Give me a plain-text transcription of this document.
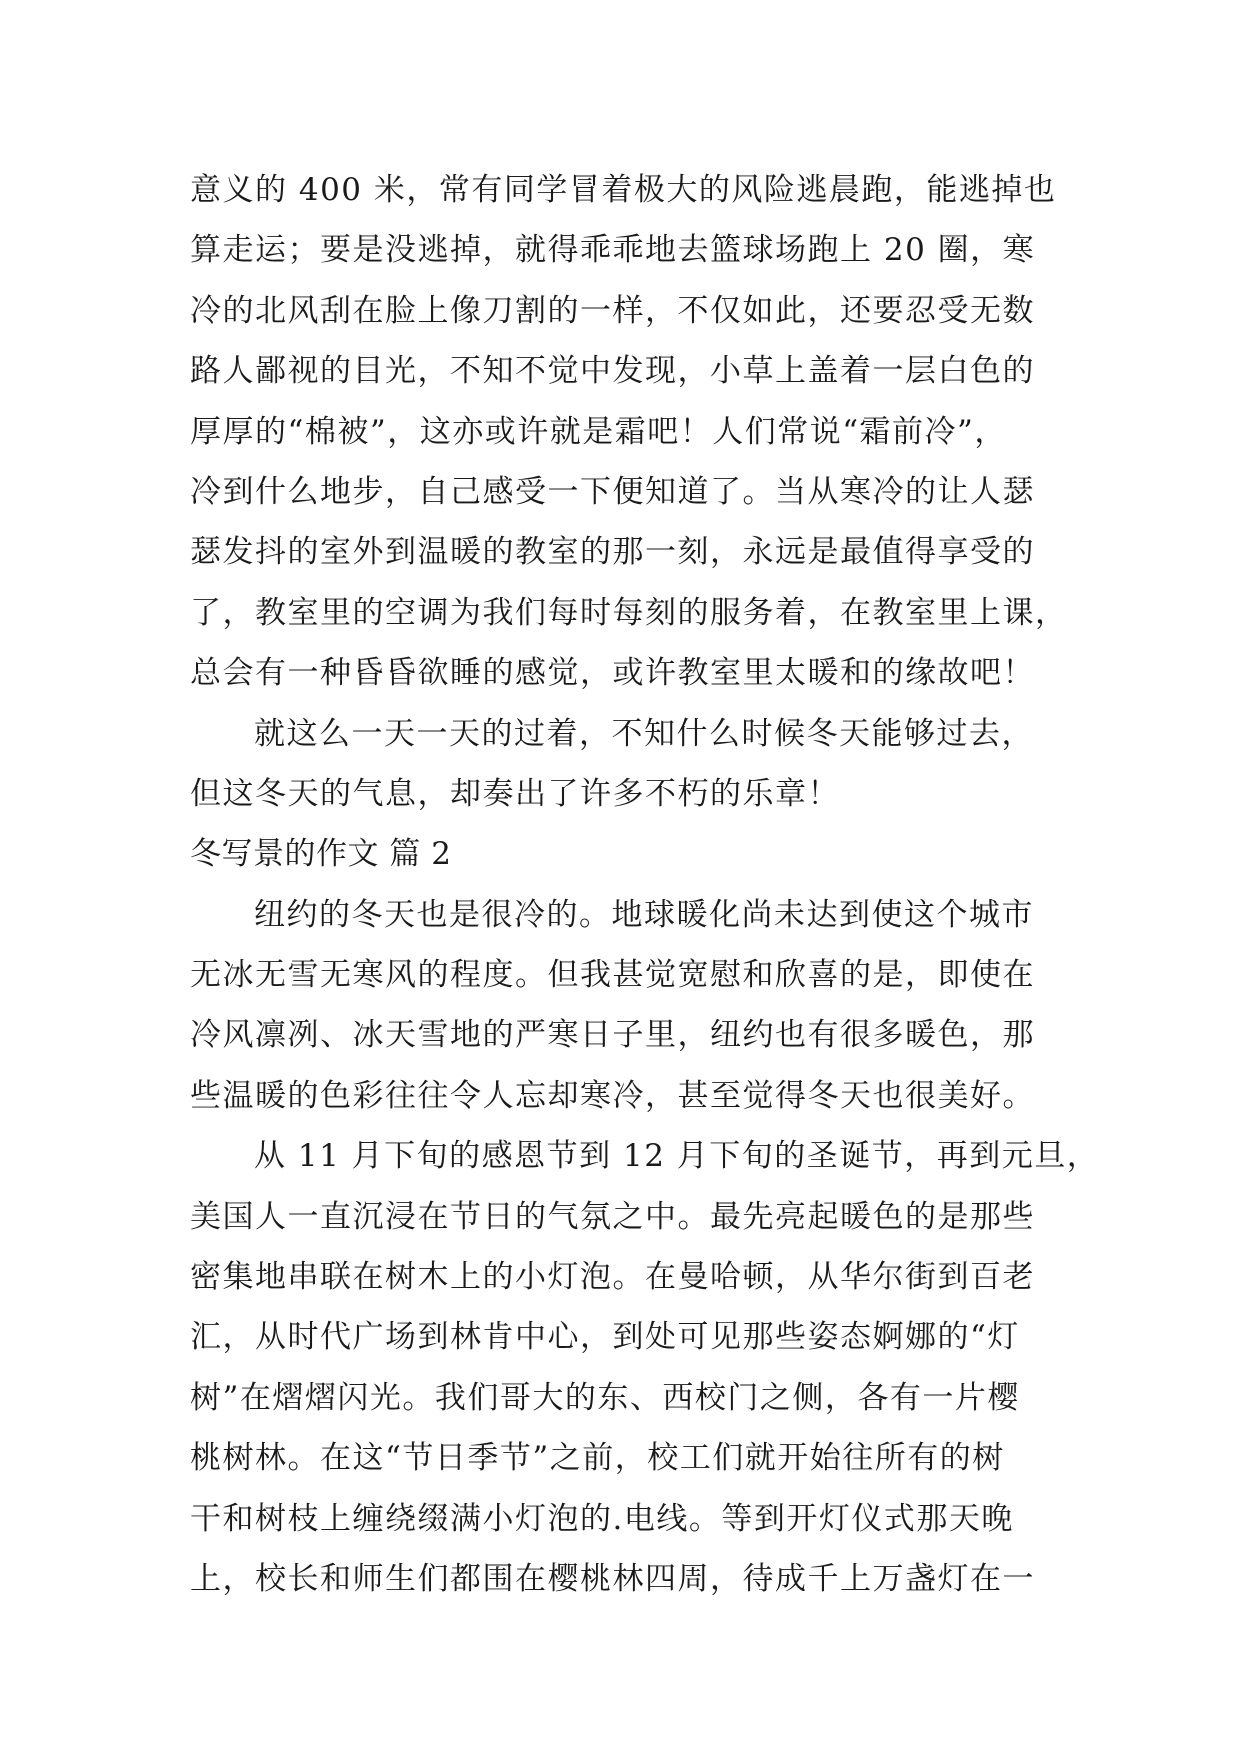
意义的 400 米，常有同学冒着极大的风险逃晨跑，能逃掉也
算走运；要是没逃掉，就得乖乖地去篮球场跑上 20 圈，寒
冷的北风刮在脸上像刀割的一样，不仅如此，还要忍受无数
路人鄙视的目光，不知不觉中发现，小草上盖着一层白色的
厚厚的“棉被”，这亦或许就是霜吧！人们常说“霜前冷”，
冷到什么地步，自己感受一下便知道了。当从寒冷的让人瑟
瑟发抖的室外到温暖的教室的那一刻，永远是最值得享受的
了，教室里的空调为我们每时每刻的服务着，在教室里上课，
总会有一种昏昏欲睡的感觉，或许教室里太暖和的缘故吧！
就这么一天一天的过着，不知什么时候冬天能够过去，
但这冬天的气息，却奏出了许多不朽的乐章！
冬写景的作文 篇 2
纽约的冬天也是很冷的。地球暖化尚未达到使这个城市
无冰无雪无寒风的程度。但我甚觉宽慰和欣喜的是，即使在
冷风凛冽、冰天雪地的严寒日子里，纽约也有很多暖色，那
些温暖的色彩往往令人忘却寒冷，甚至觉得冬天也很美好。
从 11 月下旬的感恩节到 12 月下旬的圣诞节，再到元旦，
美国人一直沉浸在节日的气氛之中。最先亮起暖色的是那些
密集地串联在树木上的小灯泡。在曼哈顿，从华尔街到百老
汇，从时代广场到林肯中心，到处可见那些姿态婀娜的“灯
树”在熠熠闪光。我们哥大的东、西校门之侧，各有一片樱
桃树林。在这“节日季节”之前，校工们就开始往所有的树
干和树枝上缠绕缀满小灯泡的.电线。等到开灯仪式那天晚
上，校长和师生们都围在樱桃林四周，待成千上万盏灯在一
